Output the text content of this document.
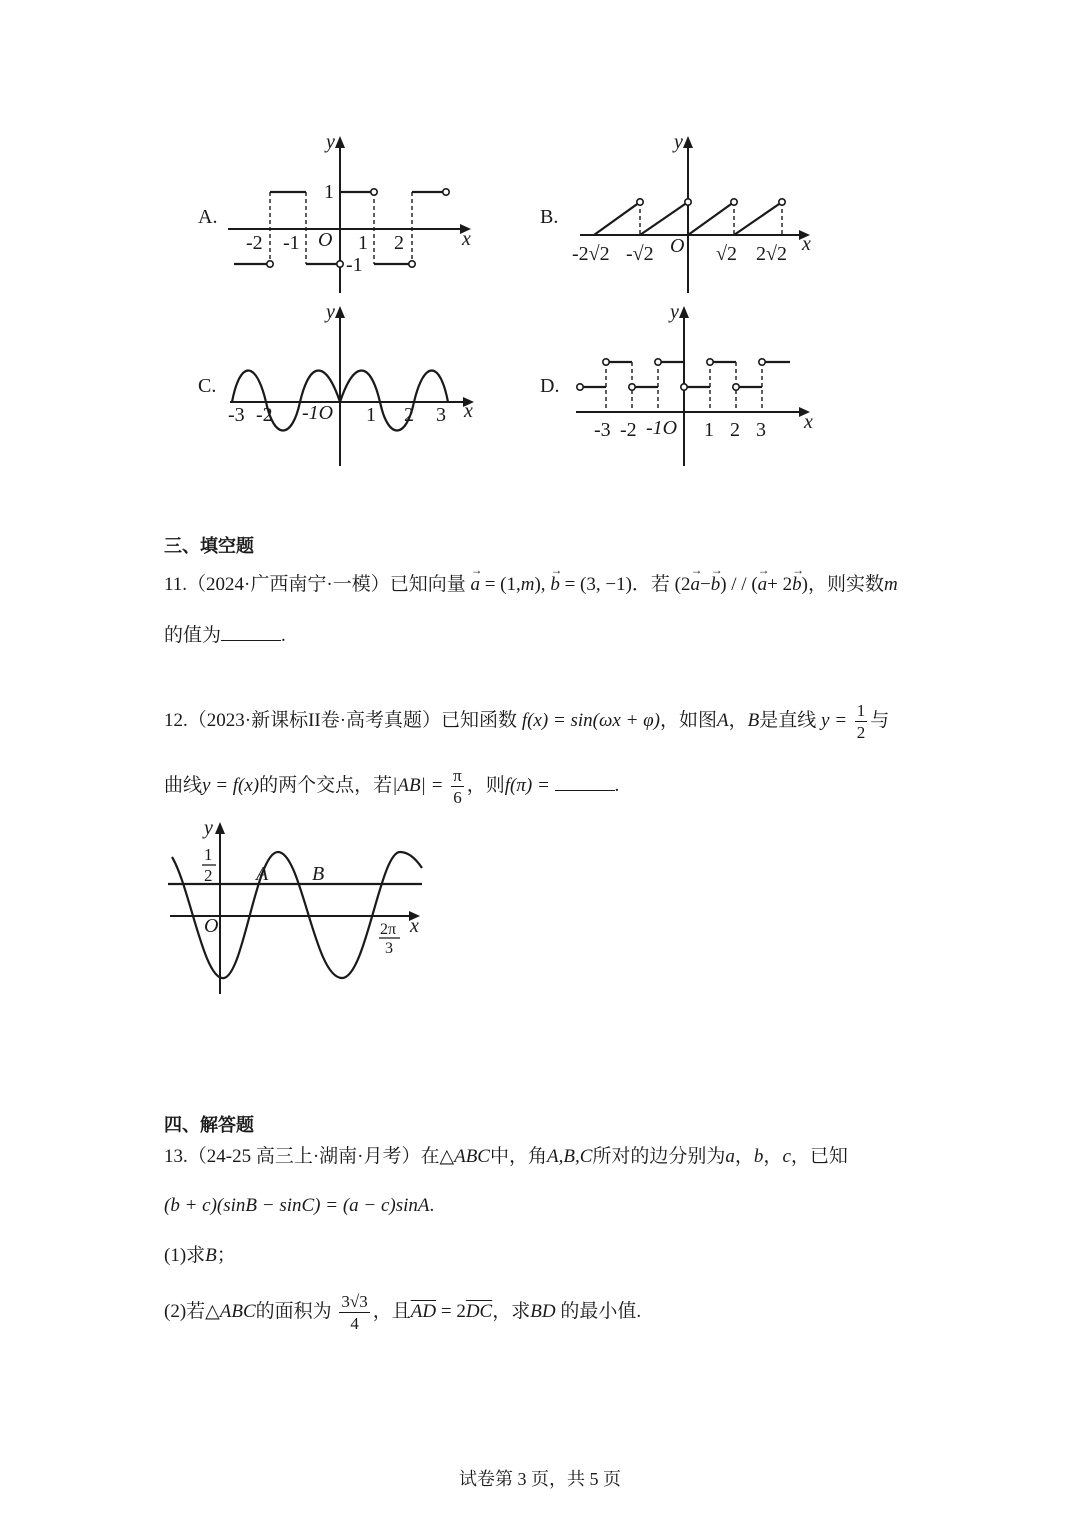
A.	B.
C.	D.
y
x
-2 -1 O 1 2
1
-1
y
x
-2√2 -√2 O √2 2√2
y
x
-3 -2 -1O 1 2 3
y
x
-3 -2 -1O 1 2 3
三、填空题
11.（2024·广西南宁·一模）已知向量 → a = (1,m), → b = (3, −1)．若 (2→ a−→ b) / / (→ a+ 2→ b)，则实数m
的值为	.
12.（2023·新课标II卷·高考真题）已知函数 f(x) = sin(ωx + φ)，如图A，B是直线 $y = \frac{1}{2}$ 与
曲线y = f(x)的两个交点，若$|AB| = \frac{\pi}{6}$ ，则f(π) =	.
y
x
O
1
2 A B
2π
3
四、解答题
13.（24-25 高三上·湖南·月考）在△ABC中，角A,B,C所对的边分别为a，b，c，已知
(b + c)(sinB − sinC) = (a − c)sinA.
(1)求B；
(2)若△ABC的面积为 $\frac{3√3}{4}$ ，且$\overline{AD} = 2\overline{DC}$，求BD 的最小值.
试卷第 3 页，共 5 页
